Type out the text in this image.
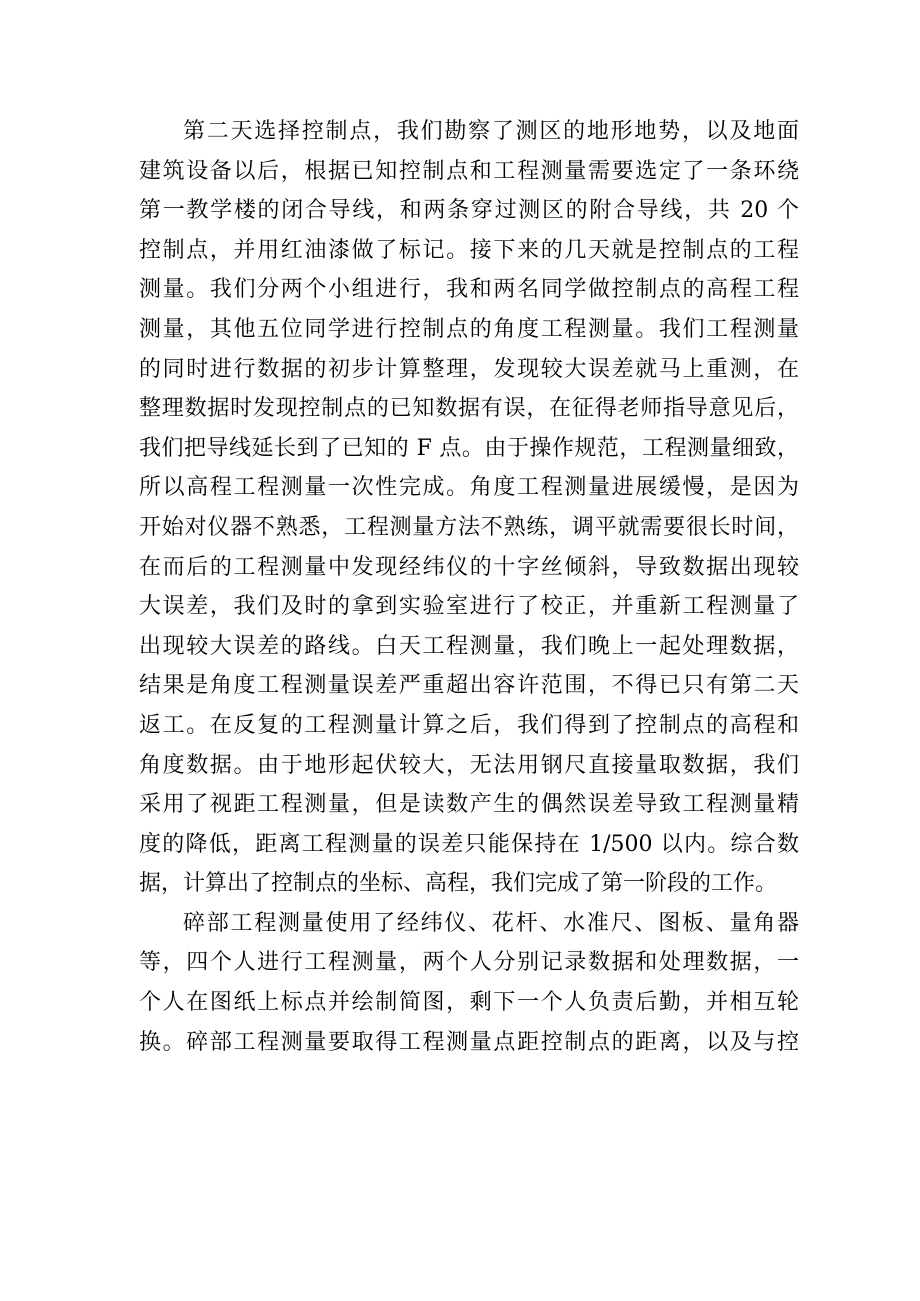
第二天选择控制点，我们勘察了测区的地形地势，以及地面
建筑设备以后，根据已知控制点和工程测量需要选定了一条环绕
第一教学楼的闭合导线，和两条穿过测区的附合导线，共 20 个
控制点，并用红油漆做了标记。接下来的几天就是控制点的工程
测量。我们分两个小组进行，我和两名同学做控制点的高程工程
测量，其他五位同学进行控制点的角度工程测量。我们工程测量
的同时进行数据的初步计算整理，发现较大误差就马上重测，在
整理数据时发现控制点的已知数据有误，在征得老师指导意见后，
我们把导线延长到了已知的 F 点。由于操作规范，工程测量细致，
所以高程工程测量一次性完成。角度工程测量进展缓慢，是因为
开始对仪器不熟悉，工程测量方法不熟练，调平就需要很长时间，
在而后的工程测量中发现经纬仪的十字丝倾斜，导致数据出现较
大误差，我们及时的拿到实验室进行了校正，并重新工程测量了
出现较大误差的路线。白天工程测量，我们晚上一起处理数据，
结果是角度工程测量误差严重超出容许范围，不得已只有第二天
返工。在反复的工程测量计算之后，我们得到了控制点的高程和
角度数据。由于地形起伏较大，无法用钢尺直接量取数据，我们
采用了视距工程测量，但是读数产生的偶然误差导致工程测量精
度的降低，距离工程测量的误差只能保持在 1/500 以内。综合数
据，计算出了控制点的坐标、高程，我们完成了第一阶段的工作。
碎部工程测量使用了经纬仪、花杆、水准尺、图板、量角器
等，四个人进行工程测量，两个人分别记录数据和处理数据，一
个人在图纸上标点并绘制简图，剩下一个人负责后勤，并相互轮
换。碎部工程测量要取得工程测量点距控制点的距离，以及与控
